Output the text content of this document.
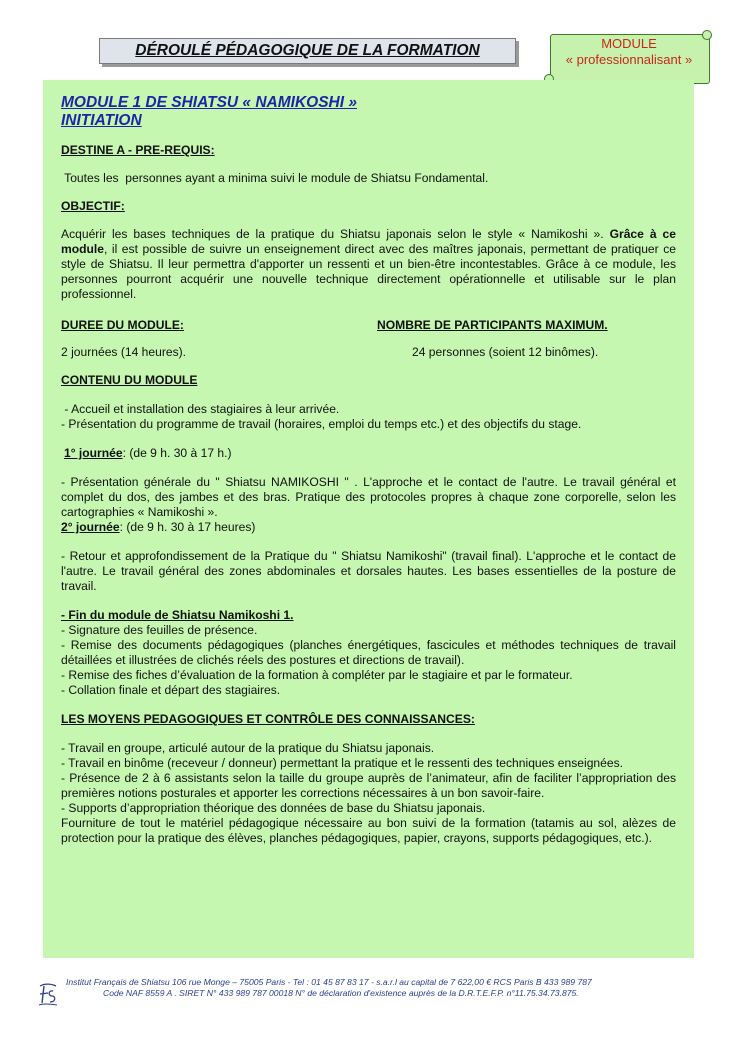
DÉROULÉ PÉDAGOGIQUE DE LA FORMATION	MODULE
« professionnalisant »
MODULE 1 DE SHIATSU « NAMIKOSHI »
INITIATION

DESTINE A - PRE-REQUIS:

Toutes les  personnes ayant a minima suivi le module de Shiatsu Fondamental.

OBJECTIF:

Acquérir les bases techniques de la pratique du Shiatsu japonais selon le style « Namikoshi ». Grâce à ce module, il est possible de suivre un enseignement direct avec des maîtres japonais, permettant de pratiquer ce style de Shiatsu. Il leur permettra d'apporter un ressenti et un bien-être incontestables. Grâce à ce module, les personnes pourront acquérir une nouvelle technique directement opérationnelle et utilisable sur le plan professionnel.

DUREE DU MODULE:	NOMBRE DE PARTICIPANTS MAXIMUM.
2 journées (14 heures).	24 personnes (soient 12 binômes).

CONTENU DU MODULE

- Accueil et installation des stagiaires à leur arrivée.

- Présentation du programme de travail (horaires, emploi du temps etc.) et des objectifs du stage.

1° journée: (de 9 h. 30 à 17 h.)

- Présentation générale du " Shiatsu NAMIKOSHI " . L'approche et le contact de l'autre. Le travail général et complet du dos, des jambes et des bras. Pratique des protocoles propres à chaque zone corporelle, selon les cartographies « Namikoshi ».

2° journée: (de 9 h. 30 à 17 heures)

- Retour et approfondissement de la Pratique du " Shiatsu Namikoshi" (travail final). L'approche et le contact de l'autre. Le travail général des zones abdominales et dorsales hautes. Les bases essentielles de la posture de travail.

- Fin du module de Shiatsu Namikoshi 1.

- Signature des feuilles de présence.

- Remise des documents pédagogiques (planches énergétiques, fascicules et méthodes techniques de travail détaillées et illustrées de clichés réels des postures et directions de travail).

- Remise des fiches d’évaluation de la formation à compléter par le stagiaire et par le formateur.

- Collation finale et départ des stagiaires.

LES MOYENS PEDAGOGIQUES ET CONTRÔLE DES CONNAISSANCES:

- Travail en groupe, articulé autour de la pratique du Shiatsu japonais.

- Travail en binôme (receveur / donneur) permettant la pratique et le ressenti des techniques enseignées.

- Présence de 2 à 6 assistants selon la taille du groupe auprès de l’animateur, afin de faciliter l’appropriation des premières notions posturales et apporter les corrections nécessaires à un bon savoir-faire.

- Supports d’appropriation théorique des données de base du Shiatsu japonais.

Fourniture de tout le matériel pédagogique nécessaire au bon suivi de la formation (tatamis au sol, alèzes de protection pour la pratique des élèves, planches pédagogiques, papier, crayons, supports pédagogiques, etc.).

Institut Français de Shiatsu 106 rue Monge – 75005 Paris - Tel : 01 45 87 83 17 - s.a.r.l au capital de 7 622,00 € RCS Paris B 433 989 787
Code NAF 8559 A . SIRET N° 433 989 787 00018 N° de déclaration d'existence auprès de la D.R.T.E.F.P. n°11.75.34.73.875.
